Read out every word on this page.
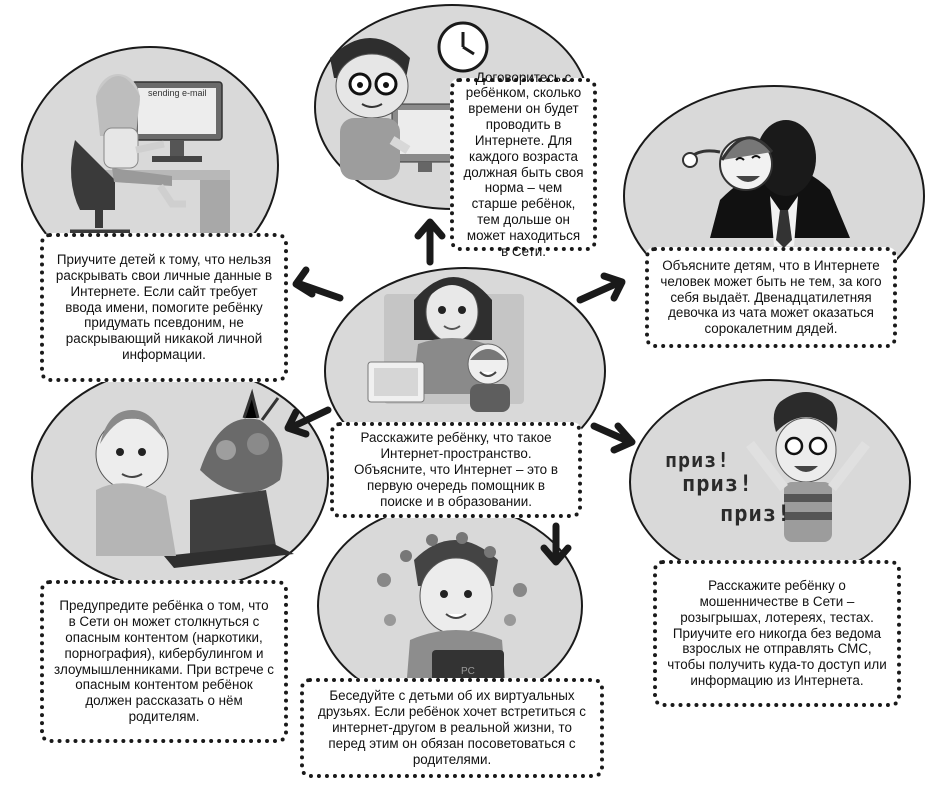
sending e-mail
PC
приз!
приз!
приз!
Приучите детей к тому, что нельзя раскрывать свои личные данные в Интернете. Если сайт требует ввода имени, помогите ребёнку придумать псевдоним, не раскрывающий никакой личной информации.
Договоритесь с ребёнком, сколько времени он будет проводить в Интернете. Для каждого возраста должная быть своя норма – чем старше ребёнок, тем дольше он может находиться в Сети.
Объясните детям, что в Интернете человек может быть не тем, за кого себя выдаёт. Двенадцатилетняя девочка из чата может оказаться сорокалетним дядей.
Расскажите ребёнку, что такое Интернет-пространство. Объясните, что Интернет – это в первую очередь помощник в поиске и в образовании.
Предупредите ребёнка о том, что в Сети он может столкнуться с опасным контентом (наркотики, порнография), кибербулингом и злоумышленниками. При встрече с опасным контентом ребёнок должен рассказать о нём родителям.
Беседуйте с детьми об их виртуальных друзьях. Если ребёнок хочет встретиться с интернет-другом в реальной жизни, то перед этим он обязан посоветоваться с родителями.
Расскажите ребёнку о мошенничестве в Сети – розыгрышах, лотереях, тестах. Приучите его никогда без ведома взрослых не отправлять СМС, чтобы получить куда-то доступ или информацию из Интернета.
